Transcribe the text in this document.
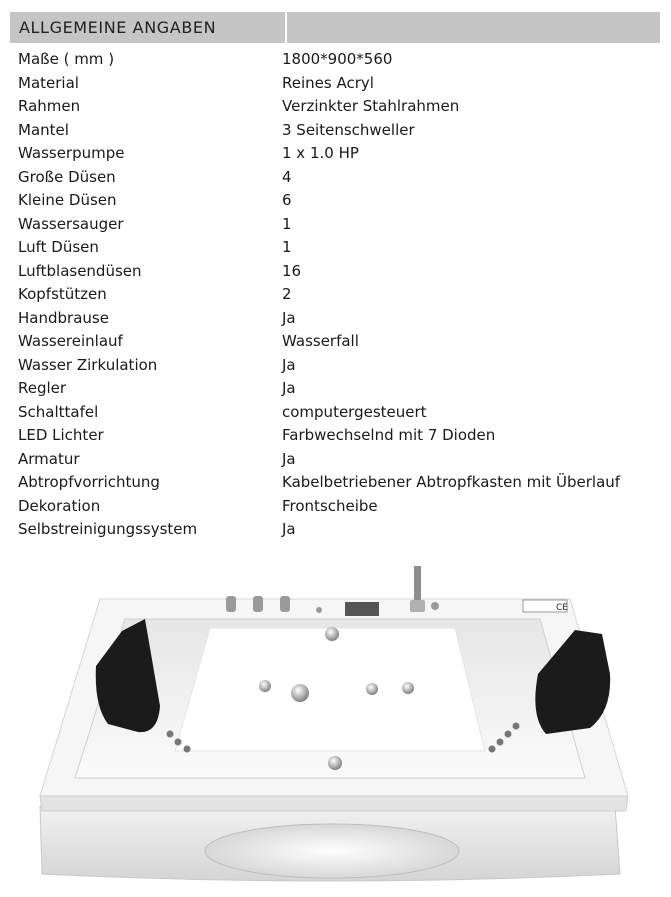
ALLGEMEINE ANGABEN
Maße ( mm )	1800*900*560
Material	Reines Acryl
Rahmen	Verzinkter Stahlrahmen
Mantel	3 Seitenschweller
Wasserpumpe	1 x 1.0 HP
Große Düsen	4
Kleine Düsen	6
Wassersauger	1
Luft Düsen	1
Luftblasendüsen	16
Kopfstützen	2
Handbrause	Ja
Wassereinlauf	Wasserfall
Wasser Zirkulation	Ja
Regler	Ja
Schalttafel	computergesteuert
LED Lichter	Farbwechselnd mit 7 Dioden
Armatur	Ja
Abtropfvorrichtung	Kabelbetriebener Abtropfkasten mit Überlauf
Dekoration	Frontscheibe
Selbstreinigungssystem	Ja
CE
